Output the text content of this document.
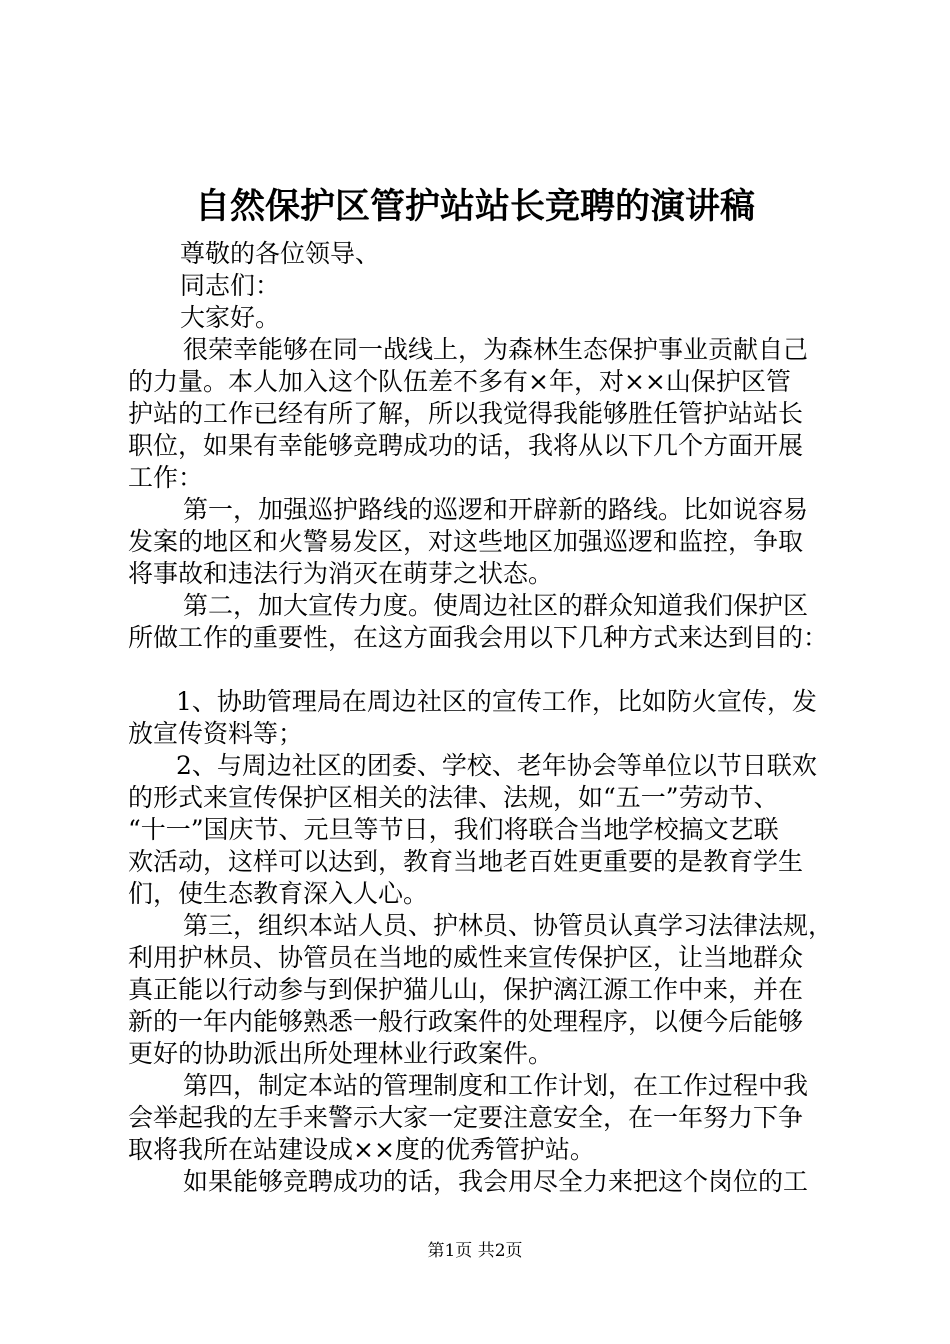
自然保护区管护站站长竞聘的演讲稿
尊敬的各位领导、
同志们：
大家好。
很荣幸能够在同一战线上，为森林生态保护事业贡献自己
的力量。本人加入这个队伍差不多有×年，对××山保护区管
护站的工作已经有所了解，所以我觉得我能够胜任管护站站长
职位，如果有幸能够竞聘成功的话，我将从以下几个方面开展
工作：
第一，加强巡护路线的巡逻和开辟新的路线。比如说容易
发案的地区和火警易发区，对这些地区加强巡逻和监控，争取
将事故和违法行为消灭在萌芽之状态。
第二，加大宣传力度。使周边社区的群众知道我们保护区
所做工作的重要性，在这方面我会用以下几种方式来达到目的：
1、协助管理局在周边社区的宣传工作，比如防火宣传，发
放宣传资料等；
2、与周边社区的团委、学校、老年协会等单位以节日联欢
的形式来宣传保护区相关的法律、法规，如“五一”劳动节、
“十一”国庆节、元旦等节日，我们将联合当地学校搞文艺联
欢活动，这样可以达到，教育当地老百姓更重要的是教育学生
们，使生态教育深入人心。
第三，组织本站人员、护林员、协管员认真学习法律法规，
利用护林员、协管员在当地的威性来宣传保护区，让当地群众
真正能以行动参与到保护猫儿山，保护漓江源工作中来，并在
新的一年内能够熟悉一般行政案件的处理程序，以便今后能够
更好的协助派出所处理林业行政案件。
第四，制定本站的管理制度和工作计划，在工作过程中我
会举起我的左手来警示大家一定要注意安全，在一年努力下争
取将我所在站建设成××度的优秀管护站。
如果能够竞聘成功的话，我会用尽全力来把这个岗位的工
第1页 共2页
